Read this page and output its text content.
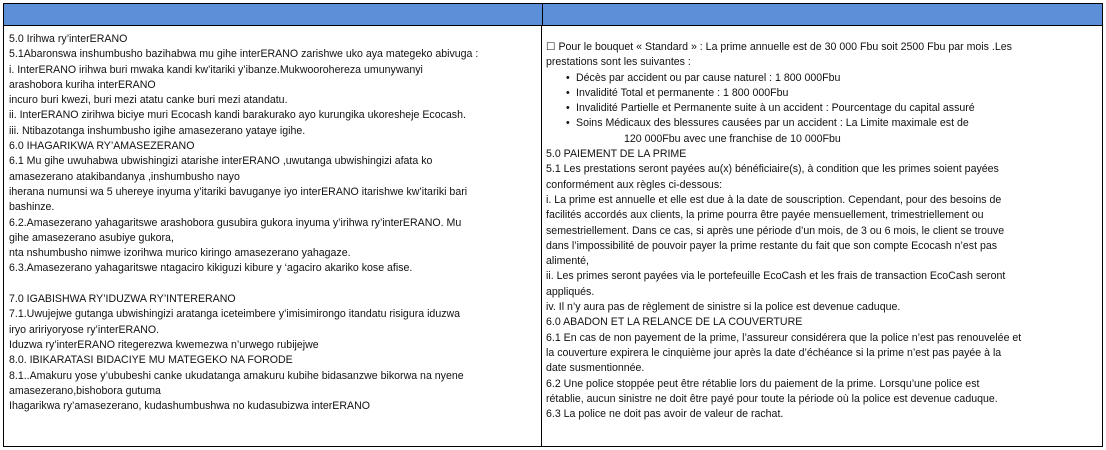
5.0 Irihwa ry’interERANO
5.1Abaronswa inshumbusho bazihabwa mu gihe interERANO zarishwe uko aya mategeko abivuga :
i. InterERANO irihwa buri mwaka kandi kw’itariki y’ibanze.Mukwoorohereza umunywanyi
arashobora kuriha interERANO
incuro buri kwezi, buri mezi atatu canke buri mezi atandatu.
ii. InterERANO zirihwa biciye muri Ecocash kandi barakurako ayo kurungika ukoresheje Ecocash.
iii. Ntibazotanga inshumbusho igihe amasezerano yataye igihe.
6.0 IHAGARIKWA RY’AMASEZERANO
6.1 Mu gihe uwuhabwa ubwishingizi atarishe interERANO ,uwutanga ubwishingizi afata ko
amasezerano atakibandanya ,inshumbusho nayo
iherana numunsi wa 5 uhereye inyuma y’itariki bavuganye iyo interERANO itarishwe kw’itariki bari
bashinze.
6.2.Amasezerano yahagaritswe arashobora gusubira gukora inyuma y’irihwa ry’interERANO. Mu
gihe amasezerano asubiye gukora,
nta nshumbusho nimwe izorihwa murico kiringo amasezerano yahagaze.
6.3.Amasezerano yahagaritswe ntagaciro kikiguzi kibure y ‘agaciro akariko kose afise.
7.0 IGABISHWA RY’IDUZWA RY’INTERERANO
7.1.Uwujejwe gutanga ubwishingizi aratanga iceteimbere y’imisimirongo itandatu risigura iduzwa
iryo aririyoryose ry’interERANO.
Iduzwa ry’interERANO ritegerezwa kwemezwa n’urwego rubijejwe
8.0. IBIKARATASI BIDACIYE MU MATEGEKO NA FORODE
8.1..Amakuru yose y’ububeshi canke ukudatanga amakuru kubihe bidasanzwe bikorwa na nyene
amasezerano,bishobora gutuma
Ihagarikwa ry’amasezerano, kudashumbushwa no kudasubizwa interERANO
☐ Pour le bouquet « Standard » : La prime annuelle est de 30 000 Fbu soit 2500 Fbu par mois .Les
prestations sont les suivantes :
• Décès par accident ou par cause naturel : 1 800 000Fbu
• Invalidité Total et permanente : 1 800 000Fbu
• Invalidité Partielle et Permanente suite à un accident : Pourcentage du capital assuré
• Soins Médicaux des blessures causées par un accident : La Limite maximale est de
120 000Fbu avec une franchise de 10 000Fbu
5.0 PAIEMENT DE LA PRIME
5.1 Les prestations seront payées au(x) bénéficiaire(s), à condition que les primes soient payées
conformément aux règles ci-dessous:
i. La prime est annuelle et elle est due à la date de souscription. Cependant, pour des besoins de
facilités accordés aux clients, la prime pourra être payée mensuellement, trimestriellement ou
semestriellement. Dans ce cas, si après une période d’un mois, de 3 ou 6 mois, le client se trouve
dans l’impossibilité de pouvoir payer la prime restante du fait que son compte Ecocash n’est pas
alimenté,
ii. Les primes seront payées via le portefeuille EcoCash et les frais de transaction EcoCash seront
appliqués.
iv. Il n’y aura pas de règlement de sinistre si la police est devenue caduque.
6.0 ABADON ET LA RELANCE DE LA COUVERTURE
6.1 En cas de non payement de la prime, l’assureur considérera que la police n’est pas renouvelée et
la couverture expirera le cinquième jour après la date d’échéance si la prime n’est pas payée à la
date susmentionnée.
6.2 Une police stoppée peut être rétablie lors du paiement de la prime. Lorsqu’une police est
rétablie, aucun sinistre ne doit être payé pour toute la période où la police est devenue caduque.
6.3 La police ne doit pas avoir de valeur de rachat.
